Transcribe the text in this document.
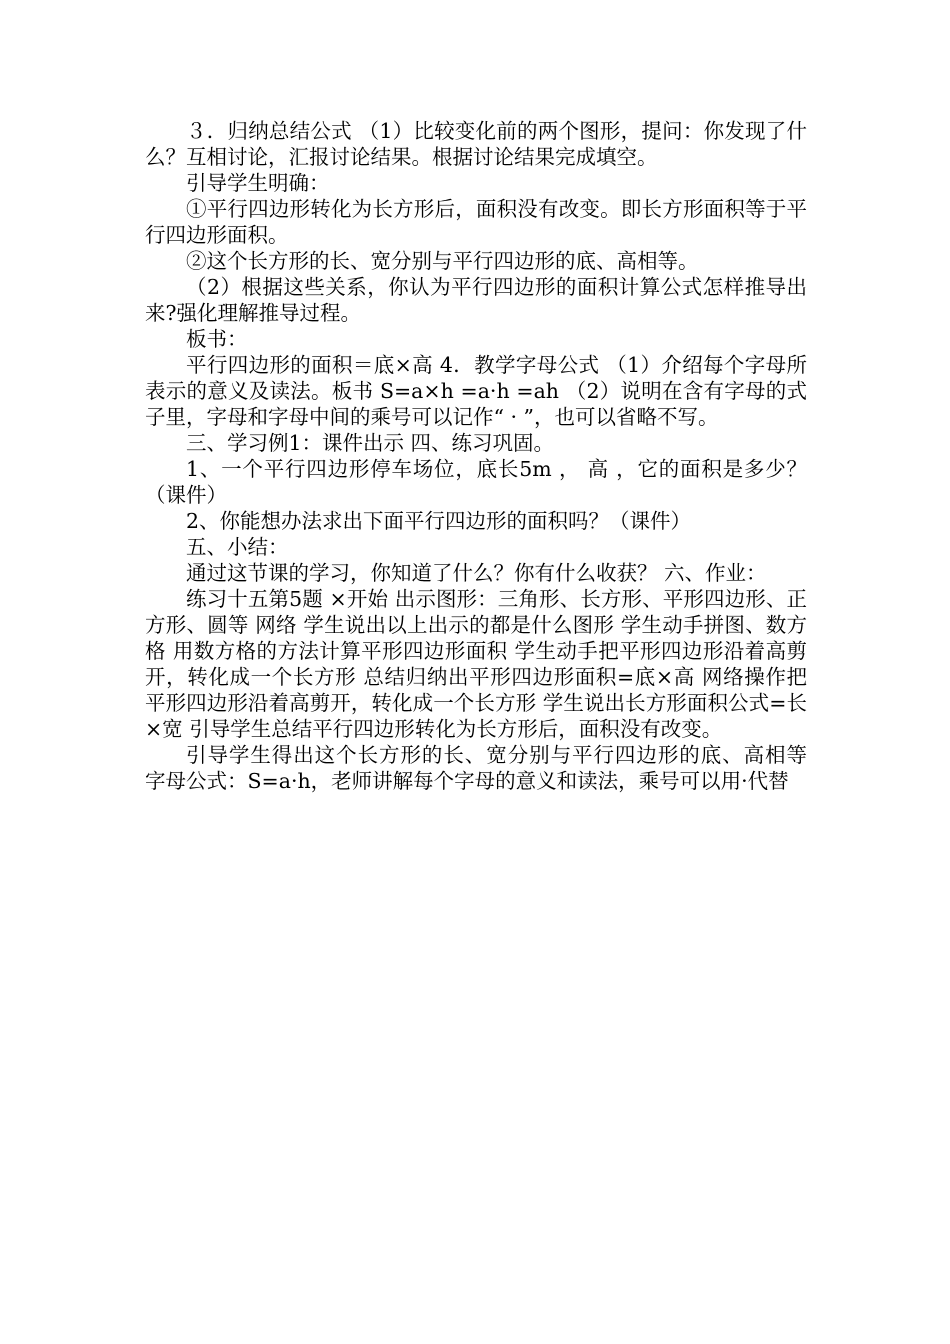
３．归纳总结公式 （1）比较变化前的两个图形，提问：你发现了什么？互相讨论，汇报讨论结果。根据讨论结果完成填空。

引导学生明确：

①平行四边形转化为长方形后，面积没有改变。即长方形面积等于平行四边形面积。

②这个长方形的长、宽分别与平行四边形的底、高相等。

（2）根据这些关系，你认为平行四边形的面积计算公式怎样推导出来?强化理解推导过程。

板书：

平行四边形的面积＝底×高 4．教学字母公式 （1）介绍每个字母所表示的意义及读法。板书 S=a×h =a·h =ah （2）说明在含有字母的式子里，字母和字母中间的乘号可以记作“ · ”，也可以省略不写。

三、学习例1：课件出示 四、练习巩固。

1、一个平行四边形停车场位，底长5m ， 高 ，它的面积是多少？（课件）

2、你能想办法求出下面平行四边形的面积吗？（课件）

五、小结：

通过这节课的学习，你知道了什么？你有什么收获？ 六、作业：

练习十五第5题 ×开始 出示图形：三角形、长方形、平形四边形、正方形、圆等 网络 学生说出以上出示的都是什么图形 学生动手拼图、数方格 用数方格的方法计算平形四边形面积 学生动手把平形四边形沿着高剪开，转化成一个长方形 总结归纳出平形四边形面积=底×高 网络操作把平形四边形沿着高剪开，转化成一个长方形 学生说出长方形面积公式=长×宽 引导学生总结平行四边形转化为长方形后，面积没有改变。

引导学生得出这个长方形的长、宽分别与平行四边形的底、高相等 字母公式：S=a·h，老师讲解每个字母的意义和读法，乘号可以用·代替
